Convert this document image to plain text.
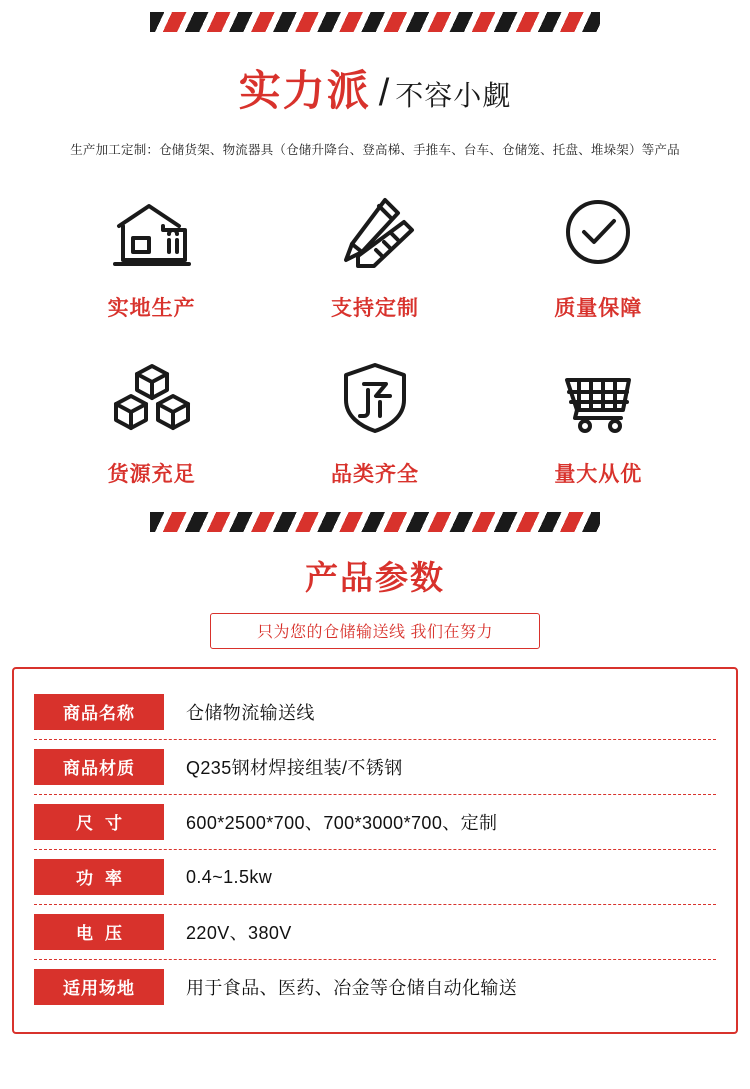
实力派 / 不容小觑
生产加工定制：仓储货架、物流器具（仓储升降台、登高梯、手推车、台车、仓储笼、托盘、堆垛架）等产品
实地生产	支持定制	质量保障
货源充足	品类齐全	量大从优
产品参数
只为您的仓储输送线 我们在努力
商品名称	仓储物流输送线
商品材质	Q235钢材焊接组装/不锈钢
尺寸	600*2500*700、700*3000*700、定制
功率	0.4~1.5kw
电压	220V、380V
适用场地	用于食品、医药、冶金等仓储自动化输送
